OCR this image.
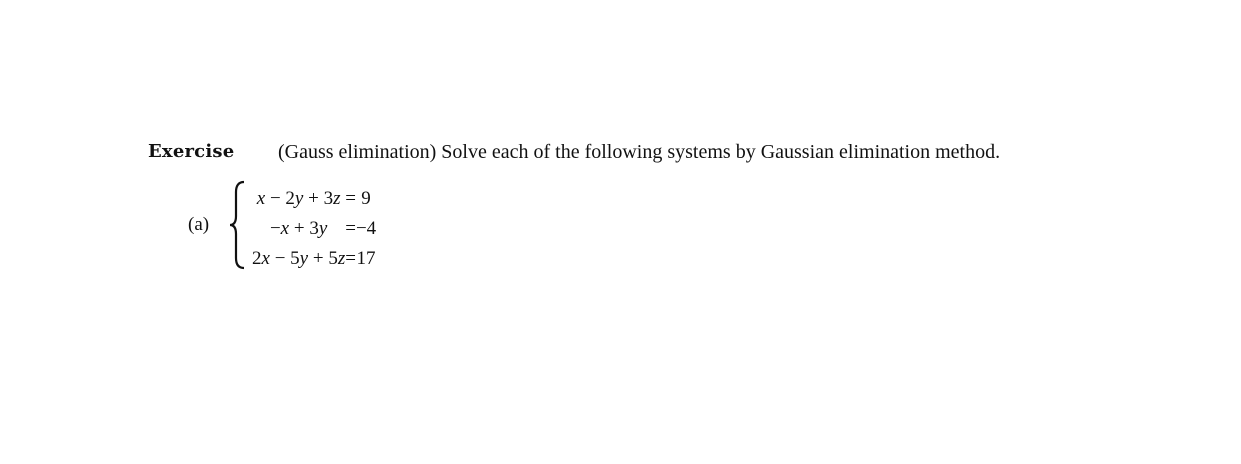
Exercise (Gauss elimination) Solve each of the following systems by Gaussian elimination method.
(a)
x − 2y + 3z	=	9
−x + 3y	=	−4
2x − 5y + 5z	=	17
